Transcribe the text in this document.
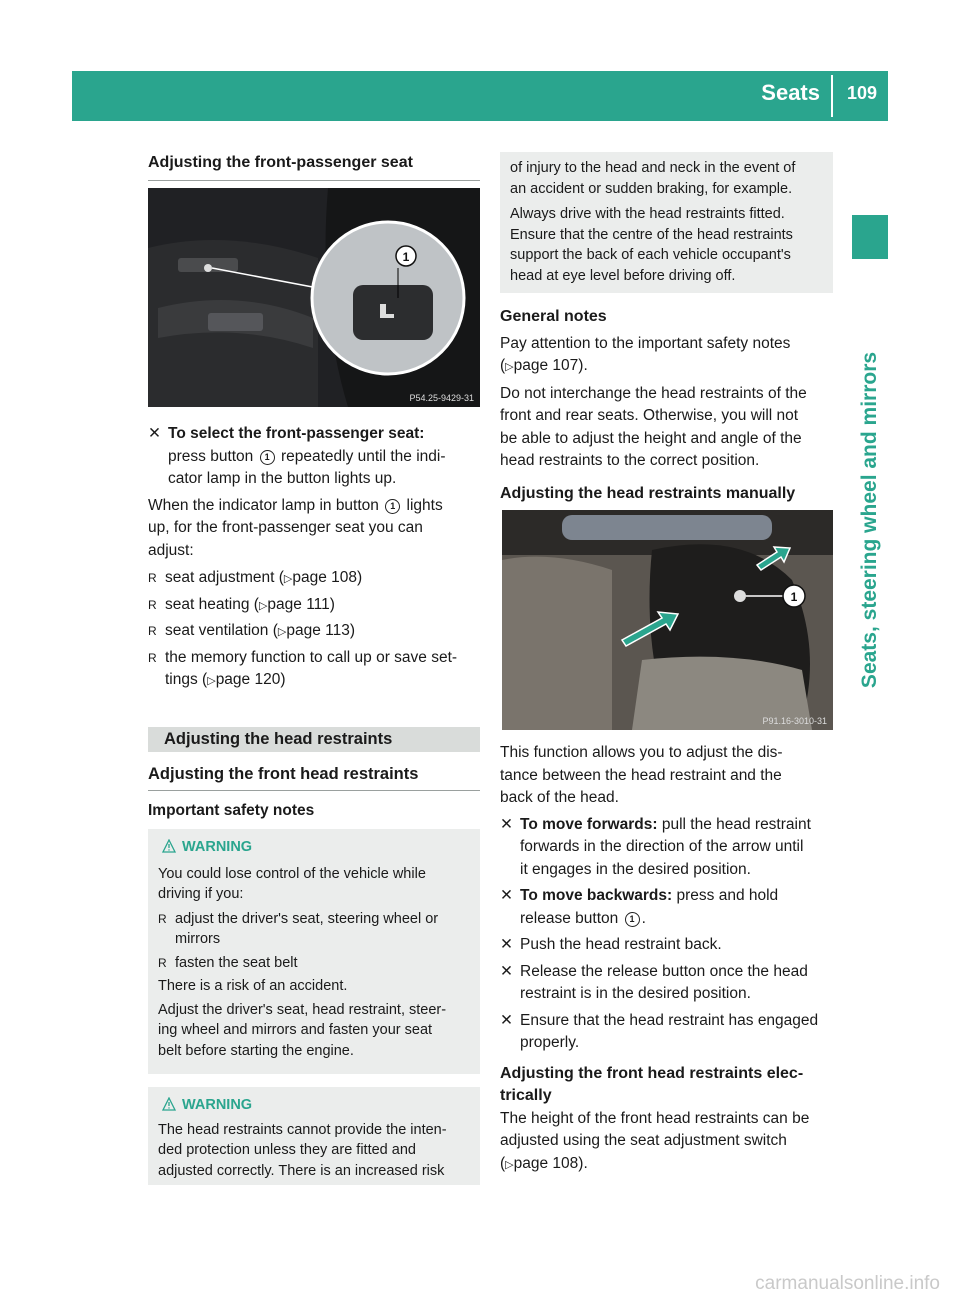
Seats	109
Seats, steering wheel and mirrors
Adjusting the front-passenger seat
1
P54.25-9429-31
✕ To select the front-passenger seat:
press button 1 repeatedly until the indi-
cator lamp in the button lights up.
When the indicator lamp in button 1 lights
up, for the front-passenger seat you can
adjust:
R seat adjustment (▷page 108)
R seat heating (▷page 111)
R seat ventilation (▷page 113)
R the memory function to call up or save set-
tings (▷page 120)
Adjusting the head restraints
Adjusting the front head restraints
Important safety notes
WARNING
You could lose control of the vehicle while
driving if you:
R adjust the driver's seat, steering wheel or
mirrors
R fasten the seat belt
There is a risk of an accident.
Adjust the driver's seat, head restraint, steer-
ing wheel and mirrors and fasten your seat
belt before starting the engine.
WARNING
The head restraints cannot provide the inten-
ded protection unless they are fitted and
adjusted correctly. There is an increased risk
of injury to the head and neck in the event of
an accident or sudden braking, for example.
Always drive with the head restraints fitted.
Ensure that the centre of the head restraints
support the back of each vehicle occupant's
head at eye level before driving off.
General notes
Pay attention to the important safety notes
(▷page 107).
Do not interchange the head restraints of the
front and rear seats. Otherwise, you will not
be able to adjust the height and angle of the
head restraints to the correct position.
Adjusting the head restraints manually
1
P91.16-3010-31
This function allows you to adjust the dis-
tance between the head restraint and the
back of the head.
✕ To move forwards: pull the head restraint
forwards in the direction of the arrow until
it engages in the desired position.
✕ To move backwards: press and hold
release button 1 .
✕ Push the head restraint back.
✕ Release the release button once the head
restraint is in the desired position.
✕ Ensure that the head restraint has engaged
properly.
Adjusting the front head restraints elec-
trically
The height of the front head restraints can be
adjusted using the seat adjustment switch
(▷page 108).
carmanualsonline.info
